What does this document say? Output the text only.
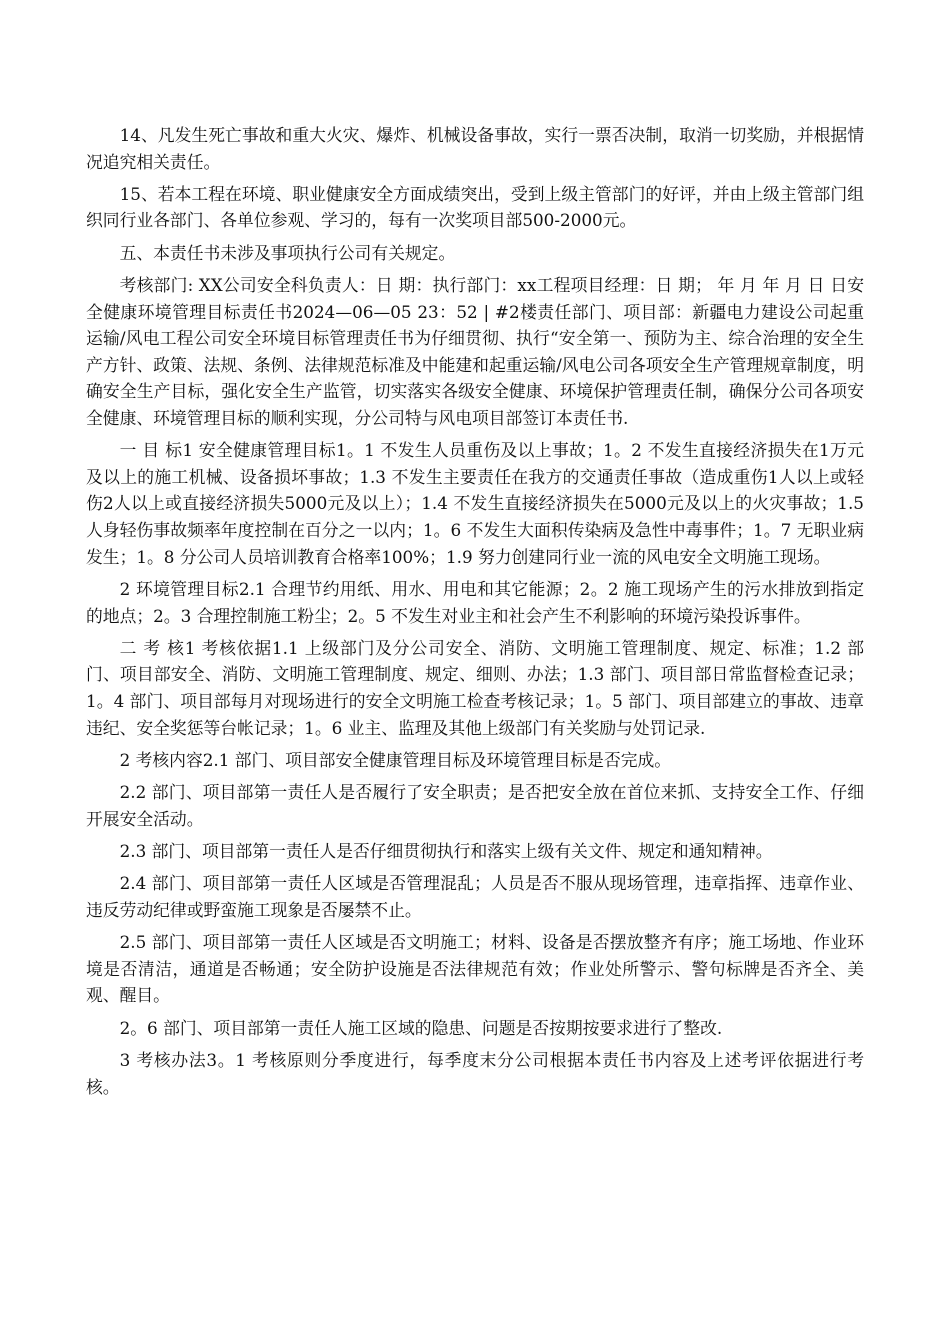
14、凡发生死亡事故和重大火灾、爆炸、机械设备事故，实行一票否决制，取消一切奖励，并根据情况追究相关责任。

15、若本工程在环境、职业健康安全方面成绩突出，受到上级主管部门的好评，并由上级主管部门组织同行业各部门、各单位参观、学习的，每有一次奖项目部500-2000元。

五、本责任书未涉及事项执行公司有关规定。

考核部门: XX公司安全科负责人：日 期：执行部门：xx工程项目经理：日 期； 年 月 年 月 日 日安全健康环境管理目标责任书2024—06—05 23：52 | #2楼责任部门、项目部：新疆电力建设公司起重运输/风电工程公司安全环境目标管理责任书为仔细贯彻、执行“安全第一、预防为主、综合治理的安全生产方针、政策、法规、条例、法律规范标准及中能建和起重运输/风电公司各项安全生产管理规章制度，明确安全生产目标，强化安全生产监管，切实落实各级安全健康、环境保护管理责任制，确保分公司各项安全健康、环境管理目标的顺利实现，分公司特与风电项目部签订本责任书.

一 目 标1 安全健康管理目标1。1 不发生人员重伤及以上事故；1。2 不发生直接经济损失在1万元及以上的施工机械、设备损坏事故；1.3 不发生主要责任在我方的交通责任事故（造成重伤1人以上或轻伤2人以上或直接经济损失5000元及以上）；1.4 不发生直接经济损失在5000元及以上的火灾事故；1.5 人身轻伤事故频率年度控制在百分之一以内；1。6 不发生大面积传染病及急性中毒事件；1。7 无职业病发生；1。8 分公司人员培训教育合格率100%；1.9 努力创建同行业一流的风电安全文明施工现场。

2 环境管理目标2.1 合理节约用纸、用水、用电和其它能源；2。2 施工现场产生的污水排放到指定的地点；2。3 合理控制施工粉尘；2。5 不发生对业主和社会产生不利影响的环境污染投诉事件。

二 考 核1 考核依据1.1 上级部门及分公司安全、消防、文明施工管理制度、规定、标准；1.2 部门、项目部安全、消防、文明施工管理制度、规定、细则、办法；1.3 部门、项目部日常监督检查记录；1。4 部门、项目部每月对现场进行的安全文明施工检查考核记录；1。5 部门、项目部建立的事故、违章违纪、安全奖惩等台帐记录；1。6 业主、监理及其他上级部门有关奖励与处罚记录.

2 考核内容2.1 部门、项目部安全健康管理目标及环境管理目标是否完成。

2.2 部门、项目部第一责任人是否履行了安全职责；是否把安全放在首位来抓、支持安全工作、仔细开展安全活动。

2.3 部门、项目部第一责任人是否仔细贯彻执行和落实上级有关文件、规定和通知精神。

2.4 部门、项目部第一责任人区域是否管理混乱；人员是否不服从现场管理，违章指挥、违章作业、违反劳动纪律或野蛮施工现象是否屡禁不止。

2.5 部门、项目部第一责任人区域是否文明施工；材料、设备是否摆放整齐有序；施工场地、作业环境是否清洁，通道是否畅通；安全防护设施是否法律规范有效；作业处所警示、警句标牌是否齐全、美观、醒目。

2。6 部门、项目部第一责任人施工区域的隐患、问题是否按期按要求进行了整改.

3 考核办法3。1 考核原则分季度进行，每季度末分公司根据本责任书内容及上述考评依据进行考核。
